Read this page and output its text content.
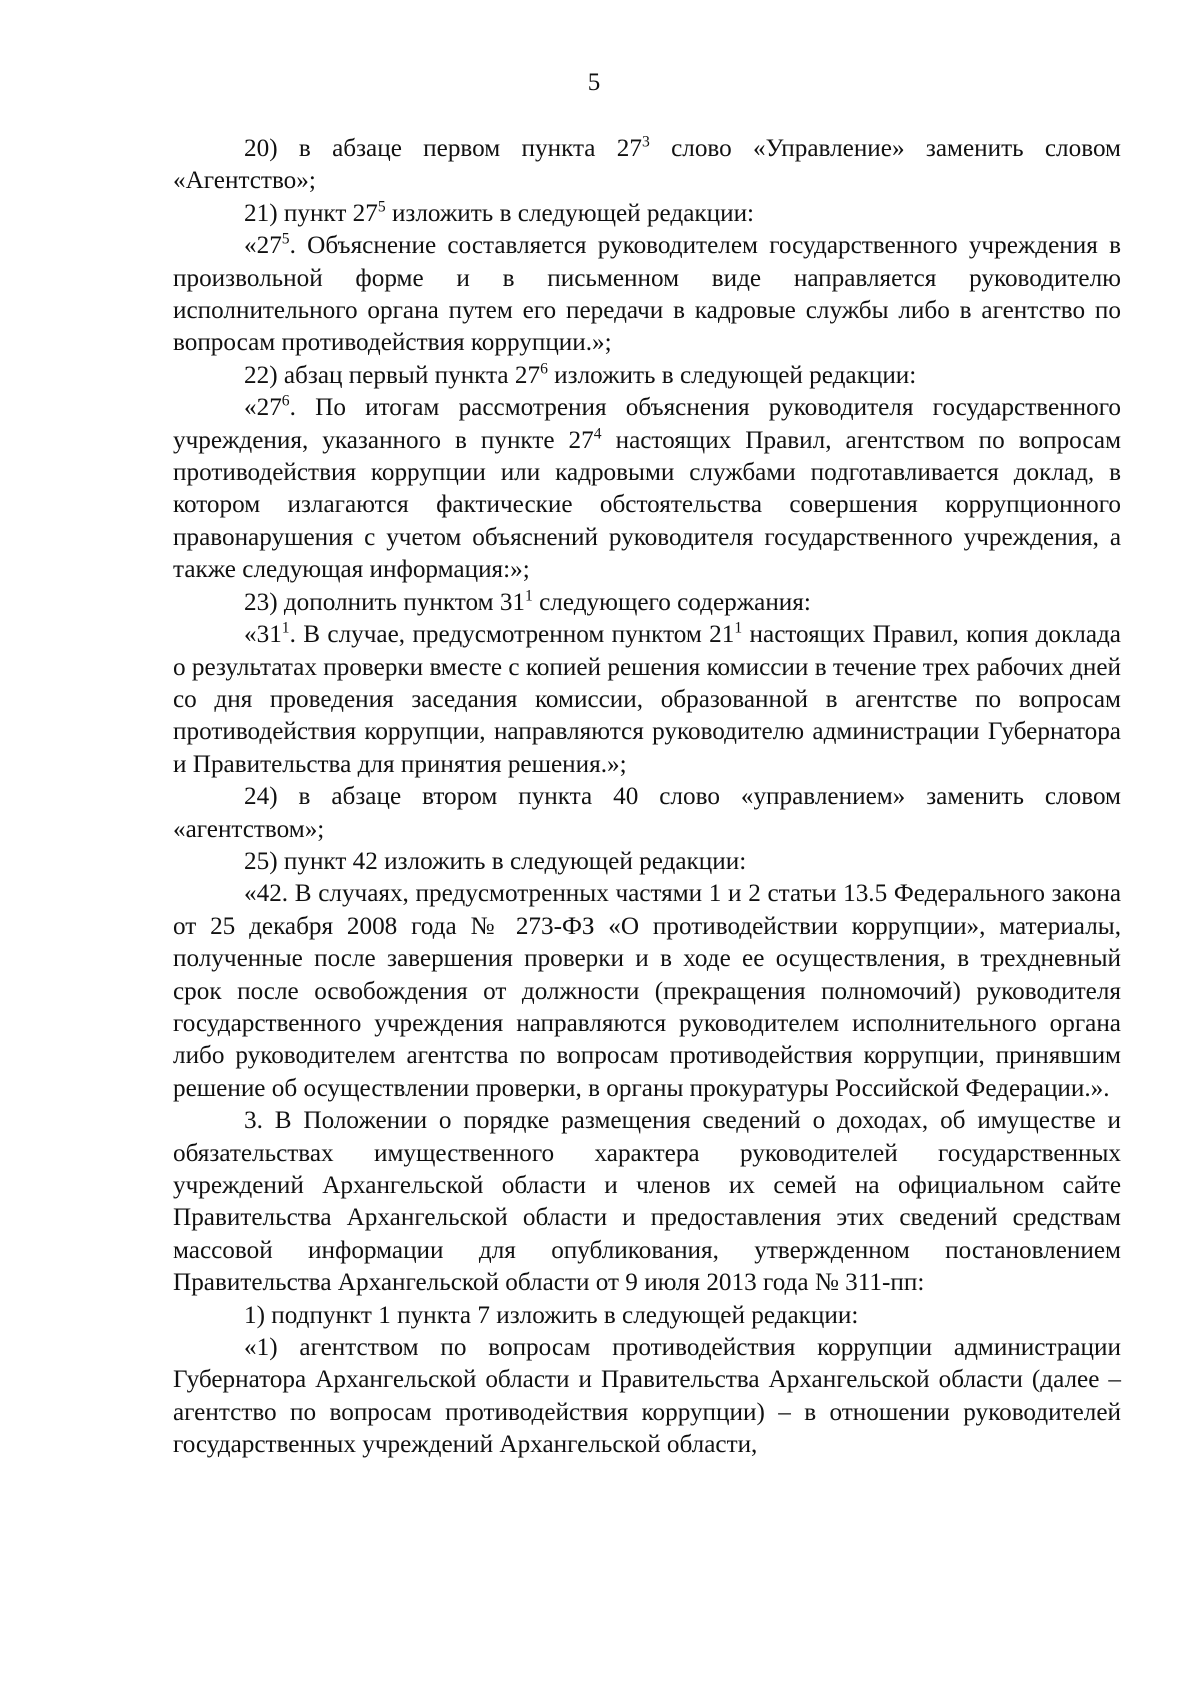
5

20) в абзаце первом пункта $27^3$ слово «Управление» заменить словом «Агентство»;

21) пункт $27^5$ изложить в следующей редакции:

«$27^5$. Объяснение составляется руководителем государственного учреждения в произвольной форме и в письменном виде направляется руководителю исполнительного органа путем его передачи в кадровые службы либо в агентство по вопросам противодействия коррупции.»;

22) абзац первый пункта $27^6$ изложить в следующей редакции:

«$27^6$. По итогам рассмотрения объяснения руководителя государственного учреждения, указанного в пункте $27^4$ настоящих Правил, агентством по вопросам противодействия коррупции или кадровыми службами подготавливается доклад, в котором излагаются фактические обстоятельства совершения коррупционного правонарушения с учетом объяснений руководителя государственного учреждения, а также следующая информация:»;

23) дополнить пунктом $31^1$ следующего содержания:

«$31^1$. В случае, предусмотренном пунктом $21^1$ настоящих Правил, копия доклада о результатах проверки вместе с копией решения комиссии в течение трех рабочих дней со дня проведения заседания комиссии, образованной в агентстве по вопросам противодействия коррупции, направляются руководителю администрации Губернатора и Правительства для принятия решения.»;

24) в абзаце втором пункта 40 слово «управлением» заменить словом «агентством»;

25) пункт 42 изложить в следующей редакции:

«42. В случаях, предусмотренных частями 1 и 2 статьи 13.5 Федерального закона от 25 декабря 2008 года № 273-ФЗ «О противодействии коррупции», материалы, полученные после завершения проверки и в ходе ее осуществления, в трехдневный срок после освобождения от должности (прекращения полномочий) руководителя государственного учреждения направляются руководителем исполнительного органа либо руководителем агентства по вопросам противодействия коррупции, принявшим решение об осуществлении проверки, в органы прокуратуры Российской Федерации.».

3. В Положении о порядке размещения сведений о доходах, об имуществе и обязательствах имущественного характера руководителей государственных учреждений Архангельской области и членов их семей на официальном сайте Правительства Архангельской области и предоставления этих сведений средствам массовой информации для опубликования, утвержденном постановлением Правительства Архангельской области от 9 июля 2013 года № 311-пп:

1) подпункт 1 пункта 7 изложить в следующей редакции:

«1) агентством по вопросам противодействия коррупции администрации Губернатора Архангельской области и Правительства Архангельской области (далее – агентство по вопросам противодействия коррупции) – в отношении руководителей государственных учреждений Архангельской области,
